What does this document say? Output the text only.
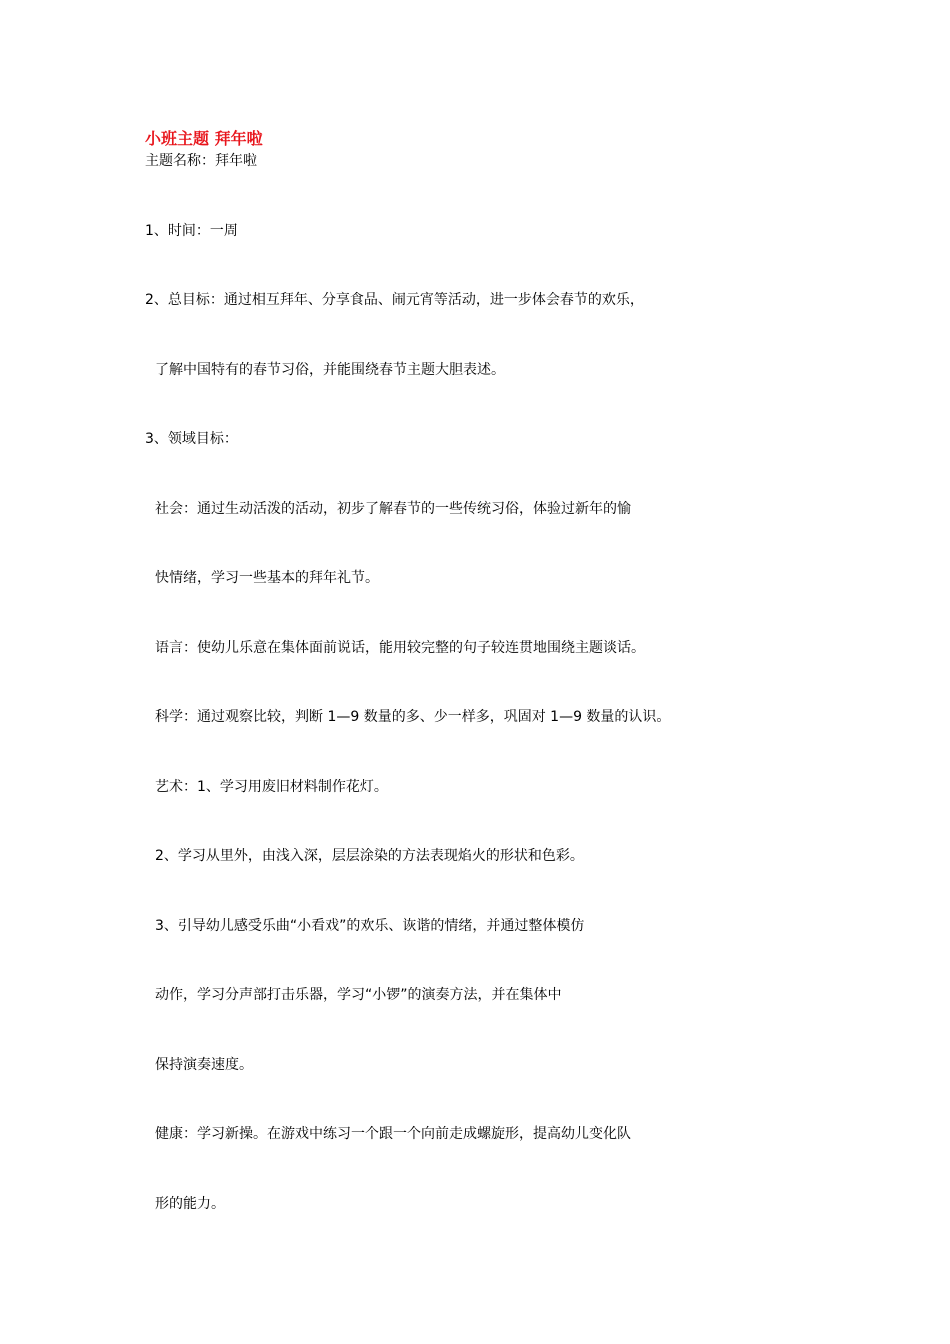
小班主题 拜年啦
主题名称：拜年啦
1、时间：一周
2、总目标：通过相互拜年、分享食品、闹元宵等活动，进一步体会春节的欢乐，
了解中国特有的春节习俗，并能围绕春节主题大胆表述。
3、领域目标：
社会：通过生动活泼的活动，初步了解春节的一些传统习俗，体验过新年的愉
快情绪，学习一些基本的拜年礼节。
语言：使幼儿乐意在集体面前说话，能用较完整的句子较连贯地围绕主题谈话。
科学：通过观察比较，判断 1—9 数量的多、少一样多，巩固对 1—9 数量的认识。
艺术：1、学习用废旧材料制作花灯。
2、学习从里外，由浅入深，层层涂染的方法表现焰火的形状和色彩。
3、引导幼儿感受乐曲“小看戏”的欢乐、诙谐的情绪，并通过整体模仿
动作，学习分声部打击乐器，学习“小锣”的演奏方法，并在集体中
保持演奏速度。
健康：学习新操。在游戏中练习一个跟一个向前走成螺旋形，提高幼儿变化队
形的能力。
